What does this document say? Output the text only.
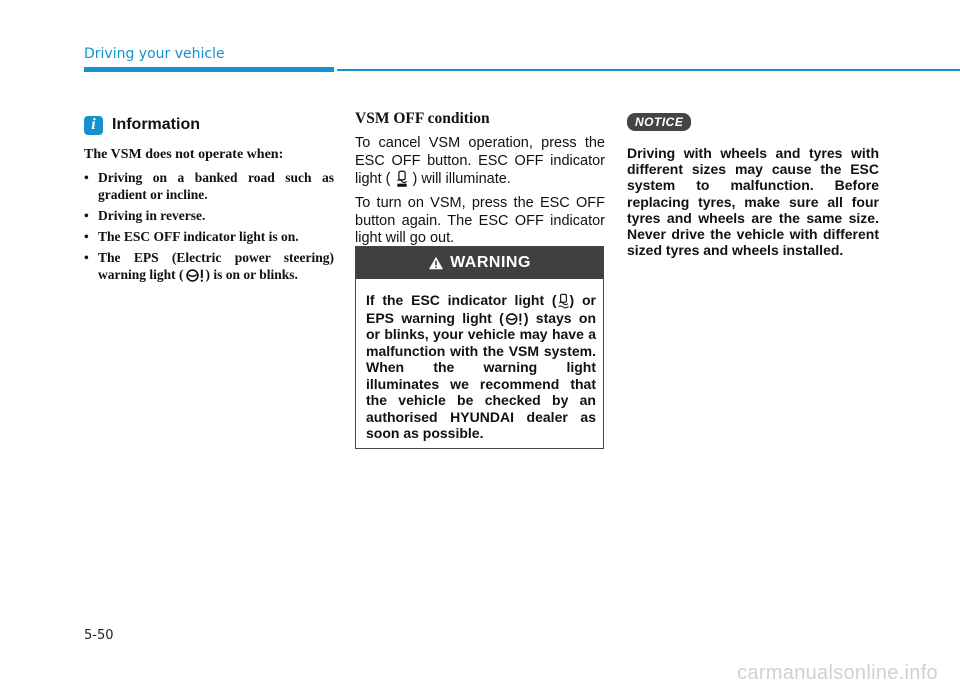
Driving your vehicle
i	Information
The VSM does not operate when:
• Driving on a banked road such as gradient or incline.
• Driving in reverse.
• The ESC OFF indicator light is on.
• The EPS (Electric power steering) warning light ( ) is on or blinks.
VSM OFF condition
To cancel VSM operation, press the ESC OFF button. ESC OFF indicator light ( ) will illuminate.
To turn on VSM, press the ESC OFF button again. The ESC OFF indicator light will go out.
WARNING
If the ESC indicator light ( ) or EPS warning light ( ) stays on or blinks, your vehicle may have a malfunction with the VSM system. When the warning light illuminates we recommend that the vehicle be checked by an authorised HYUNDAI dealer as soon as possible.
NOTICE
Driving with wheels and tyres with different sizes may cause the ESC system to malfunction. Before replacing tyres, make sure all four tyres and wheels are the same size. Never drive the vehicle with different sized tyres and wheels installed.
5-50
carmanualsonline.info
